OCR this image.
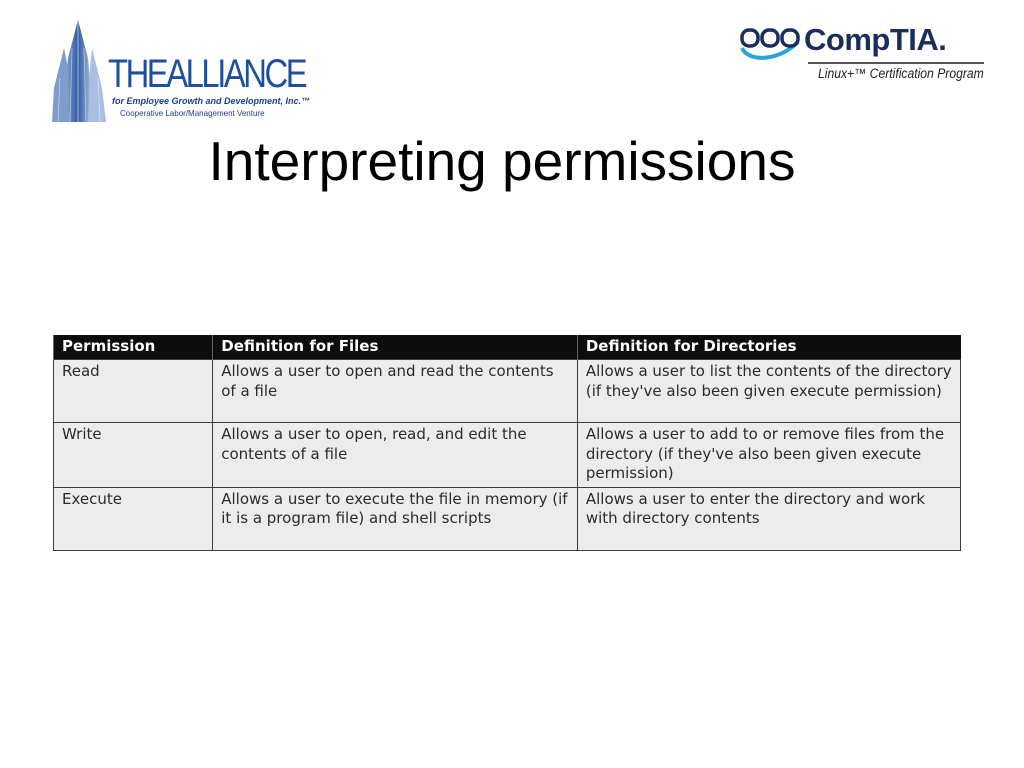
THEALLIANCE
for Employee Growth and Development, Inc.™
Cooperative Labor/Management Venture
CompTIA.
Linux+™ Certification Program
Interpreting permissions
Permission	Definition for Files	Definition for Directories
Read	Allows a user to open and read the contents of a file	Allows a user to list the contents of the directory (if they've also been given execute permission)
Write	Allows a user to open, read, and edit the contents of a file	Allows a user to add to or remove files from the directory (if they've also been given execute permission)
Execute	Allows a user to execute the file in memory (if it is a program file) and shell scripts	Allows a user to enter the directory and work with directory contents
